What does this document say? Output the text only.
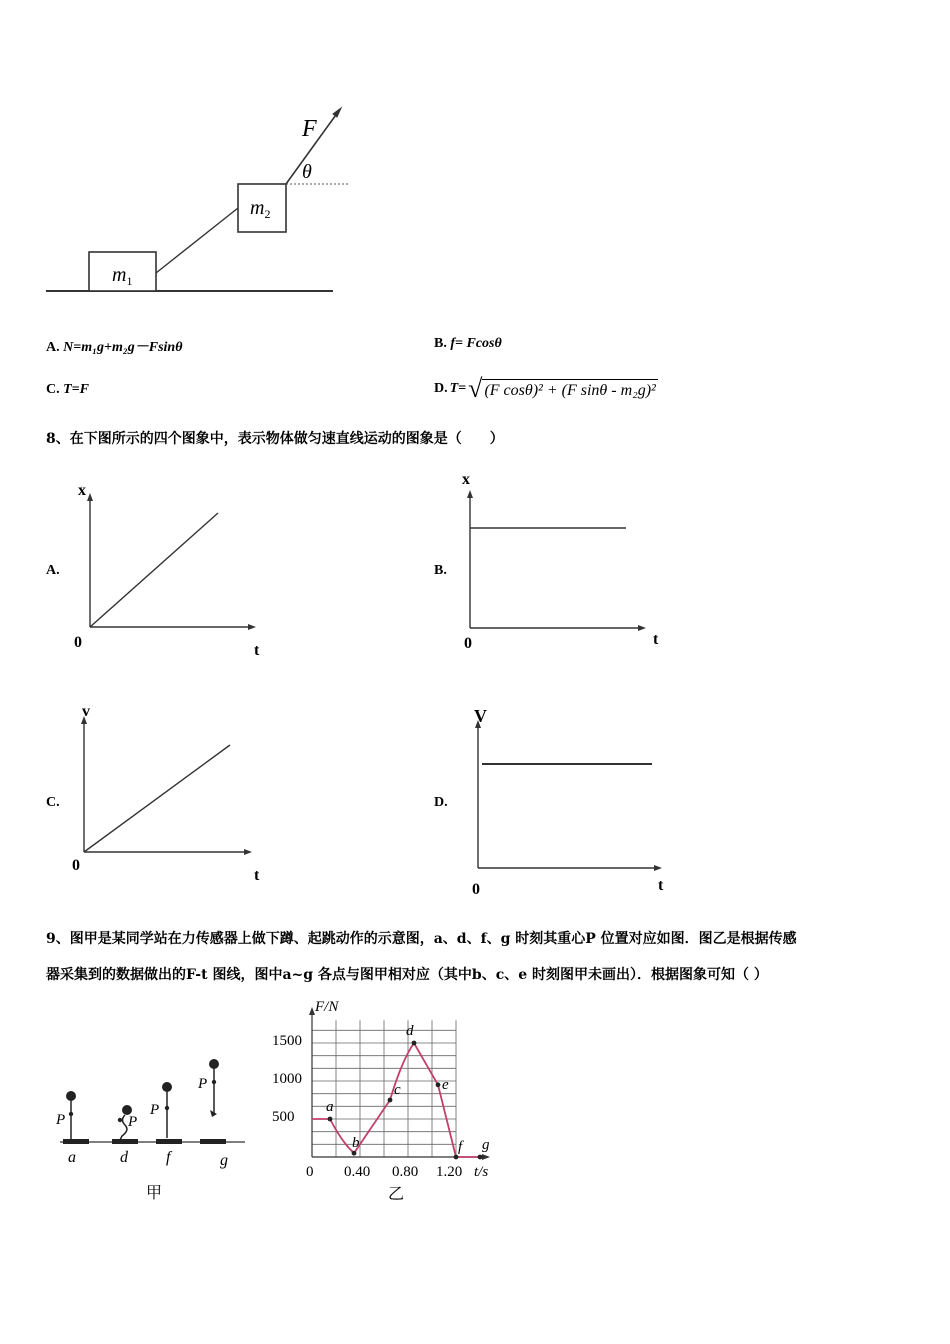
F
θ
$m_1$
$m_2$
A. N=m₁g+m₂g－Fsinθ	B. f= Fcosθ
C. T=F	D. T= √ (F cosθ)² + (F sinθ - m₂g)²
8、在下图所示的四个图象中，表示物体做匀速直线运动的图象是（　　）
A.	B.
C.	D.
x
t
0
x
t
0
v
t
0
V
t
0
9、图甲是某同学站在力传感器上做下蹲、起跳动作的示意图，a、d、f、g 时刻其重心P 位置对应如图．图乙是根据传感
器采集到的数据做出的F-t 图线，图中a~g 各点与图甲相对应（其中b、c、e 时刻图甲未画出）．根据图象可知（ ）
P
a
P
d
P
f
P
g
甲
F/N
t/s
0
500
1000
1500
0.40 0.80 1.20
a
b
c
d
e
f g
乙
